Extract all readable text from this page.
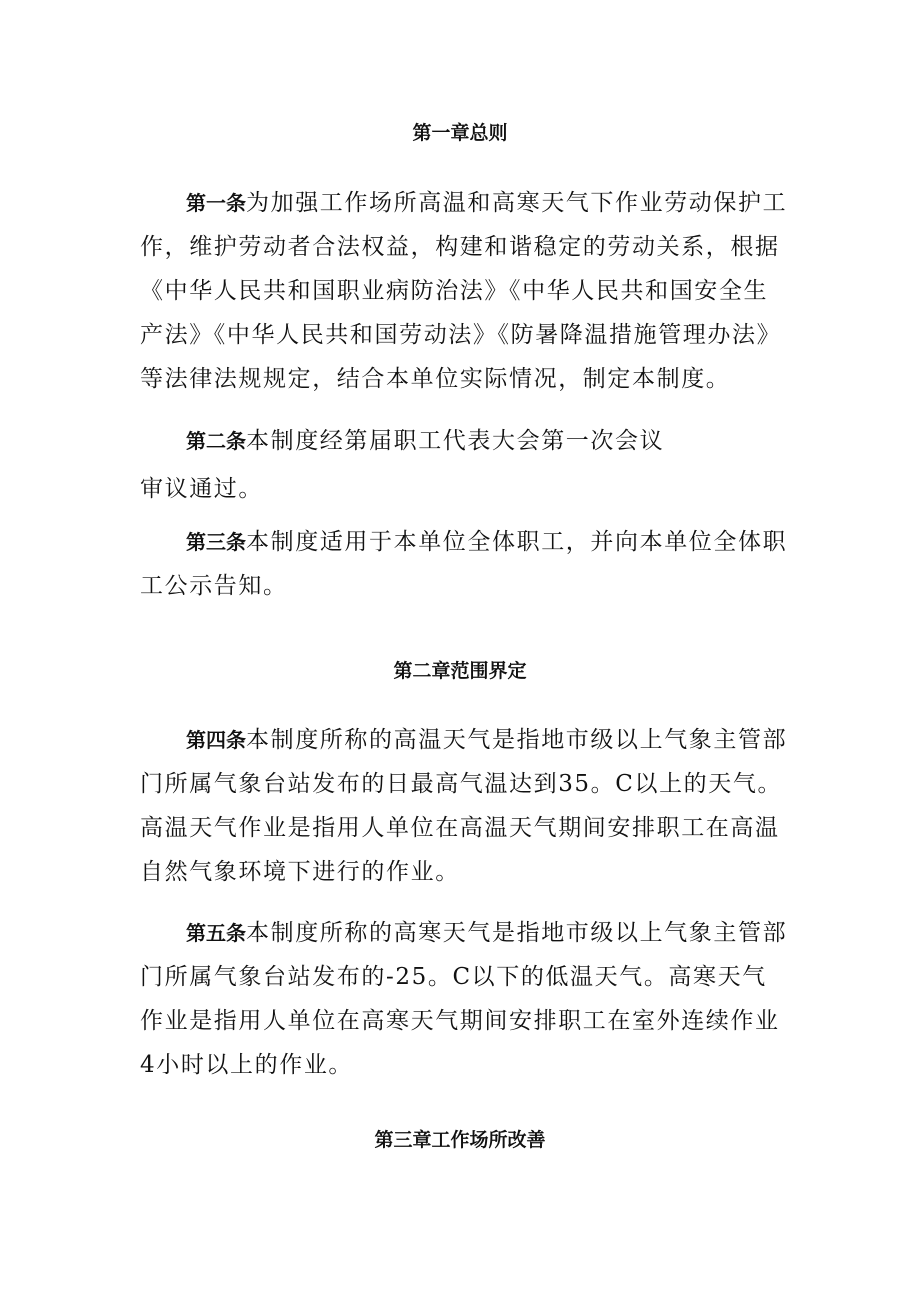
第一章总则

第一条为加强工作场所高温和高寒天气下作业劳动保护工作，维护劳动者合法权益，构建和谐稳定的劳动关系，根据《中华人民共和国职业病防治法》《中华人民共和国安全生产法》《中华人民共和国劳动法》《防暑降温措施管理办法》等法律法规规定，结合本单位实际情况，制定本制度。

第二条本制度经第届职工代表大会第一次会议
审议通过。

第三条本制度适用于本单位全体职工，并向本单位全体职工公示告知。

第二章范围界定

第四条本制度所称的高温天气是指地市级以上气象主管部门所属气象台站发布的日最高气温达到35。C以上的天气。高温天气作业是指用人单位在高温天气期间安排职工在高温自然气象环境下进行的作业。

第五条本制度所称的高寒天气是指地市级以上气象主管部门所属气象台站发布的-25。C以下的低温天气。高寒天气作业是指用人单位在高寒天气期间安排职工在室外连续作业4小时以上的作业。

第三章工作场所改善
